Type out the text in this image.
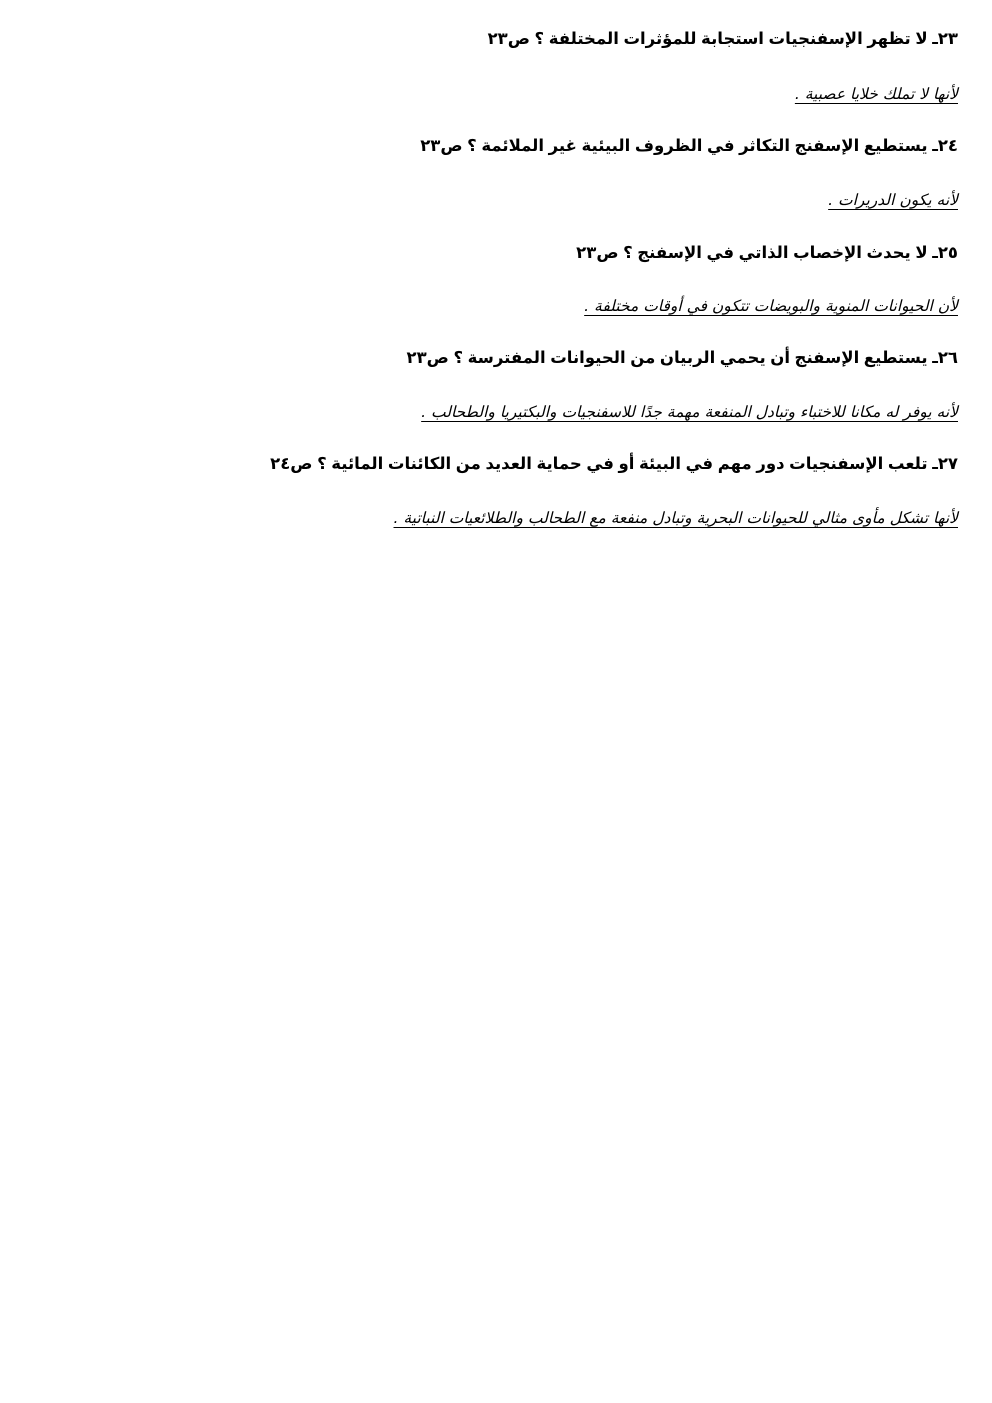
٢٣ـ لا تظهر الإسفنجيات استجابة للمؤثرات المختلفة ؟ ص٢٣
لأنها لا تملك خلايا عصبية .
٢٤ـ يستطيع الإسفنج التكاثر في الظروف البيئية غير الملائمة ؟ ص٢٣
لأنه يكون الدريرات .
٢٥ـ لا يحدث الإخصاب الذاتي في الإسفنج ؟ ص٢٣
لأن الحيوانات المنوية والبويضات تتكون في أوقات مختلفة .
٢٦ـ يستطيع الإسفنج أن يحمي الربيان من الحيوانات المفترسة ؟ ص٢٣
لأنه يوفر له مكانا للاختباء وتبادل المنفعة مهمة جدًا للاسفنجيات والبكتيريا والطحالب .
٢٧ـ تلعب الإسفنجيات دور مهم في البيئة أو في حماية العديد من الكائنات المائية ؟ ص٢٤
لأنها تشكل مأوى مثالي للحيوانات البحرية وتبادل منفعة مع الطحالب والطلائعيات النباتية .
